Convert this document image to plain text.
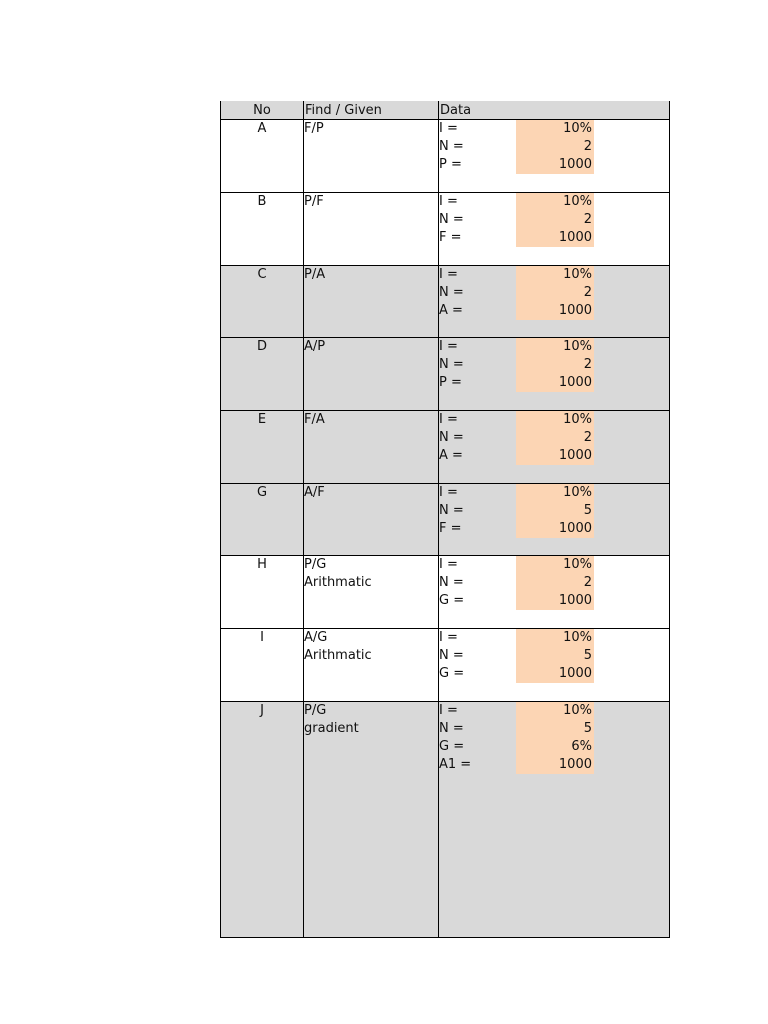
No	Find / Given	Data
A	F/P	I =	10%
N =	2
P =	1000
B	P/F	I =	10%
N =	2
F =	1000
C	P/A	I =	10%
N =	2
A =	1000
D	A/P	I =	10%
N =	2
P =	1000
E	F/A	I =	10%
N =	2
A =	1000
G	A/F	I =	10%
N =	5
F =	1000
H	P/G
Arithmatic
I =	10%
N =	2
G =	1000
I	A/G
Arithmatic
I =	10%
N =	5
G =	1000
J	P/G
gradient
I =	10%
N =	5
G =	6%
A1 =	1000
